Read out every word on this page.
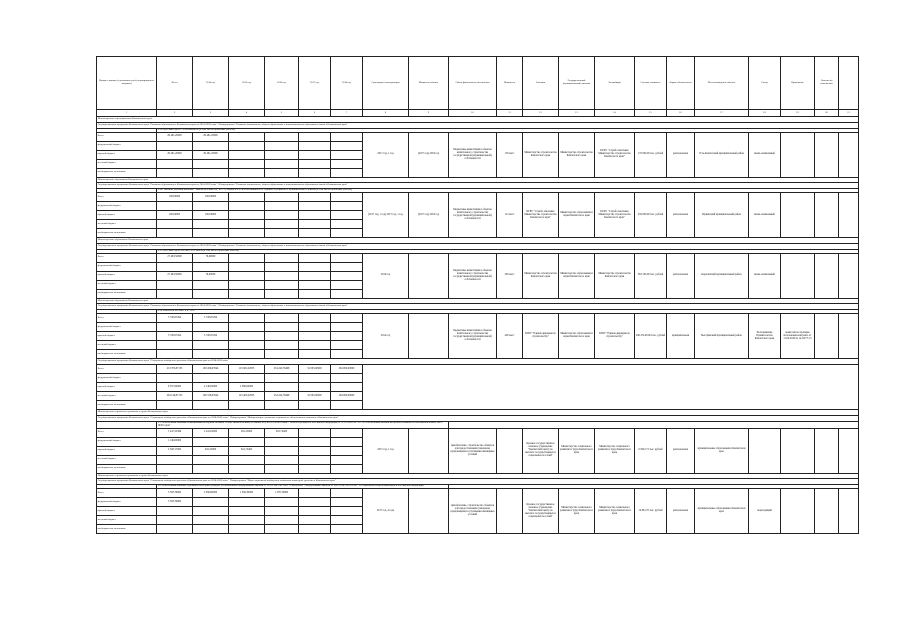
Предмет закупки (с указанием целей, мероприятия по закупкам)	Всего	2014 год	2015 год	2016 год	2017 год	2018 год	Срок ввода в эксплуатацию	Мощность объекта	Объем финансового обеспечения	Мощность	Заказчик	Государственный (муниципальный) заказчик	Застройщик	Сметная стоимость	Форма собственности	Местонахождение объекта	Статус	Примечание	Отметка об исполнении	
1	2	3	4	5	6	7	8	9	10	11	12	13	14	15	16	17	18	19	20	21
Министерство строительства Камчатского края																				
Государственная программа Камчатского края "Развитие образования в Камчатском крае на 2014-2020 годы". Подпрограмма "Развитие дошкольного, общего образования и дополнительного образования детей в Камчатском крае"																				
	2.13. Детский сад в п. Усть-Камчатск (в том числе проектные работы)																			
Всего	29 461,20000	29 461,20000					2017 год, 1 год	(2017 год) 2019 год	Бюджетные инвестиции в объекты капитального строительства государственной (муниципальной) собственности	150 мест	Министерство строительства Камчатского края	Министерство строительства Камчатского края	КГКУ "Служба заказчика Министерства строительства Камчатского края"	170 000,00 тыс. рублей	региональная	Усть-Камчатский муниципальный район	вновь начинаемый			
федеральный бюджет																				
краевой бюджет	29 461,20000	29 461,20000																		
местный бюджет																				
внебюджетные источники																				
Министерство образования Камчатского края																				
Государственная программа Камчатского края "Развитие образования в Камчатском крае на 2014-2020 годы". Подпрограмма "Развитие дошкольного, общего образования и дополнительного образования детей в Камчатском крае"																				
	2.14. Типовой учебный комплекс "Школа-детский сад" на 75 учащихся и 45 воспитанников в п. Пущино, Пущинского муниципального района (в том числе проектные работы)																			
Всего	190,00000	190,00000					(2017 год, 1 год) 2017 год, 1 год	(2017 год) 2019 год	Бюджетные инвестиции в объекты капитального строительства государственной (муниципальной) собственности	112 мест	КГБУ "Служба заказчика Министерства строительства Камчатского края"	Министерство образования и науки Камчатского края	КГКУ "Служба заказчика Министерства строительства Камчатского края"	259 000,00 тыс. рублей	региональная	Пущинский муниципальный район	вновь начинаемый			
федеральный бюджет																				
краевой бюджет	190,00000	190,00000																		
местный бюджет																				
внебюджетные источники																				
Министерство образования Камчатского края																				
Государственная программа Камчатского края "Развитие образования в Камчатском крае на 2014-2020 годы". Подпрограмма "Развитие дошкольного, общего образования и дополнительного образования детей в Камчатском крае"																				
	2.15. Детский сад на 300 мест в п. Апача (в том числе проектные работы)																			
Всего	27 463,50000	76,00000					2016 год		Бюджетные инвестиции в объекты капитального строительства государственной (муниципальной) собственности	300 мест	Министерство строительства Камчатского края	Министерство образования и науки Камчатского края	Министерство строительства Камчатского края	363 163,00 тыс. рублей	региональная	Карагинский муниципальный район	вновь начинаемый			
федеральный бюджет																				
краевой бюджет	27 463,50000	76,00000																		
местный бюджет																				
внебюджетные источники																				
Министерство образования Камчатского края																				
Государственная программа Камчатского края "Развитие образования в Камчатском крае на 2014-2020 годы". Подпрограмма "Развитие дошкольного, общего образования и дополнительного образования детей в Камчатском крае"																				
	2.16. Школа на 400 мест в п. Эссо																			
Всего	3 726,67294	3 726,67294					2014 год		Бюджетные инвестиции в объекты капитального строительства государственной (муниципальной) собственности	400 мест	КГКУ "Единая дирекция по строительству"	Министерство образования и науки Камчатского края	КГКУ "Единая дирекция по строительству"	296 474,90104 тыс. рублей	муниципальная	Быстринский муниципальный район	Распоряжение Правительства Камчатского края	комиссия по проверке исполнения контракта от 11.04.2016 № 14-04/77-15		
федеральный бюджет																				
краевой бюджет	3 726,67294	3 726,67294																		
местный бюджет																				
внебюджетные источники																				
Государственная программа Камчатского края "Социальная поддержка граждан в Камчатском крае на 2014-2018 годы"																				
Всего	213 703,87153	163 456,67844	125 061,02835	254 242,76468	52 005,00000	284 000,00000														
федеральный бюджет																				
краевой бюджет	9 557,00000	4 140,00000	2 656,00000																	
местный бюджет	204 146,87153	160 316,67844	122 405,02835	254 242,76468	52 005,00000	284 000,00000														
внебюджетные источники																				
Министерство социального развития и труда Камчатского края																				
Государственная программа Камчатского края "Социальная поддержка граждан в Камчатском крае на 2014-2018 годы". Подпрограмма "Модернизация и развитие социального обслуживания населения в Камчатском крае"																				
	3.1. Обеспечение жилыми помещениями ветеранов Великой Отечественной войны, вставших на учет в соответствии с Указом Президента Российской Федерации от 07.05.2008 № 714 "Об обеспечении жильем ветеранов Великой Отечественной войны 1941-1945 годов"																			
Всего	1 447,22386	2 241,02000	941,25000	841,72400			2015 год, 1 год		приобретение, строительство объектов для предоставления гражданам, нуждающимся в улучшении жилищных условий		Краевое государственное казенное учреждение "Камчатский центр по выплате государственных и социальных пособий"	Министерство социального развития и труда Камчатского края	Министерство социального развития и труда Камчатского края	6 000,172 тыс. рублей	региональная	муниципальные образования в Камчатском крае				
федеральный бюджет	1 149,00000																			
краевой бюджет	2 328,17000	941,25000	841,72400																	
местный бюджет																				
внебюджетные источники																				
Министерство социального развития и труда Камчатского края																				
Государственная программа Камчатского края "Социальная поддержка граждан в Камчатском крае на 2014-2018 годы". Подпрограмма "Меры социальной поддержки отдельных категорий граждан в Камчатском крае"																				
	3.2. Обеспечение жильем отдельных категорий граждан, установленных Федеральным законом от 12.01.1995 № 5-ФЗ "О ветеранах", Федеральным законом от 24.11.1995 № 181-ФЗ "О социальной защите инвалидов в Российской Федерации"																			
Всего	5 383,79900	2 656,60000	1 656,30000	1 070,79900			2017 год, 4 года		приобретение, строительство объектов для предоставления гражданам, нуждающимся в улучшении жилищных условий		Краевое государственное казенное учреждение "Камчатский центр по выплате государственных и социальных пособий"	Министерство социального развития и труда Камчатского края	Министерство социального развития и труда Камчатского края	14 981,70 тыс. рублей	региональная	муниципальные образования в Камчатском крае	переходящий			
федеральный бюджет	5 383,79900																			
краевой бюджет																				
местный бюджет																				
внебюджетные источники																				
